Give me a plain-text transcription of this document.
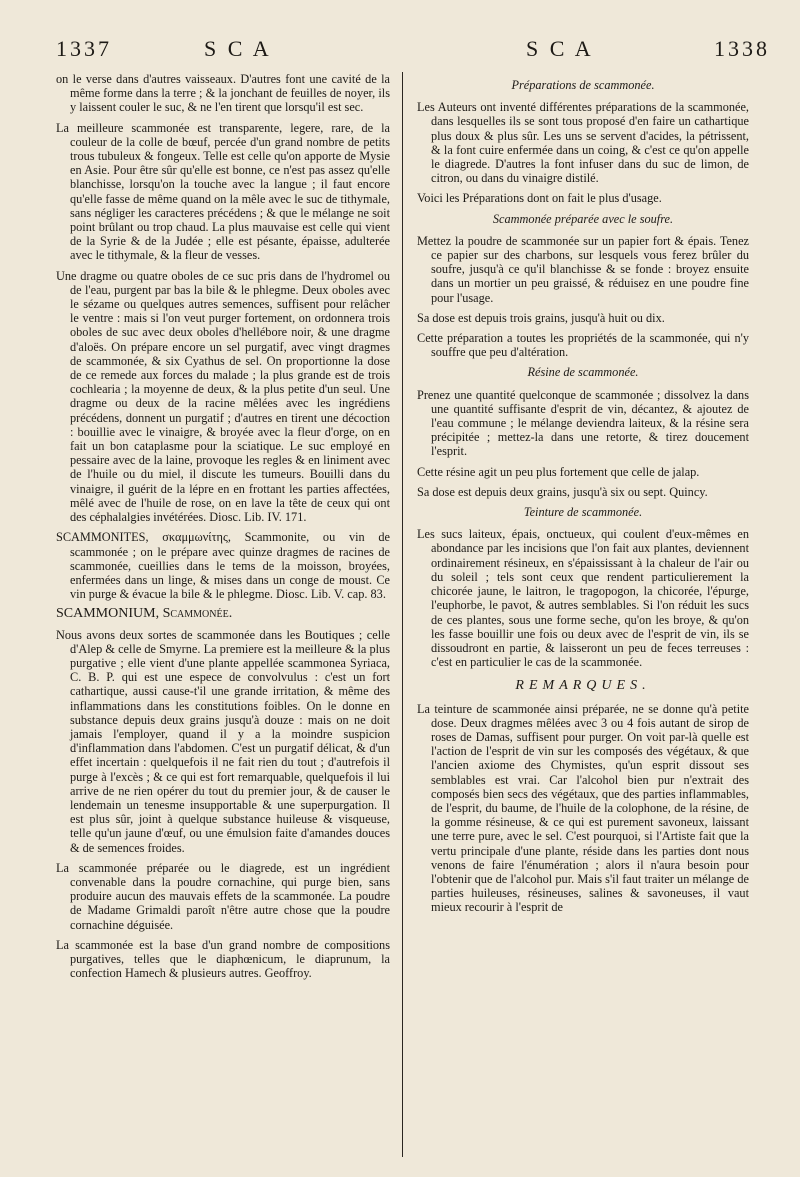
1337	S C A	S C A	1338

on le verse dans d'autres vaisseaux. D'autres font une cavité de la même forme dans la terre ; & la jonchant de feuilles de noyer, ils y laissent couler le suc, & ne l'en tirent que lorsqu'il est sec.

La meilleure scammonée est transparente, legere, rare, de la couleur de la colle de bœuf, percée d'un grand nombre de petits trous tubuleux & fongeux. Telle est celle qu'on apporte de Mysie en Asie. Pour être sûr qu'elle est bonne, ce n'est pas assez qu'elle blanchisse, lorsqu'on la touche avec la langue ; il faut encore qu'elle fasse de même quand on la mêle avec le suc de tithymale, sans négliger les caracteres précédens ; & que le mélange ne soit point brûlant ou trop chaud. La plus mauvaise est celle qui vient de la Syrie & de la Judée ; elle est pésante, épaisse, adulterée avec le tithymale, & la fleur de vesses.

Une dragme ou quatre oboles de ce suc pris dans de l'hydromel ou de l'eau, purgent par bas la bile & le phlegme. Deux oboles avec le sézame ou quelques autres semences, suffisent pour relâcher le ventre : mais si l'on veut purger fortement, on ordonnera trois oboles de suc avec deux oboles d'hellébore noir, & une dragme d'aloës. On prépare encore un sel purgatif, avec vingt dragmes de scammonée, & six Cyathus de sel. On proportionne la dose de ce remede aux forces du malade ; la plus grande est de trois cochlearia ; la moyenne de deux, & la plus petite d'un seul. Une dragme ou deux de la racine mêlées avec les ingrédiens précédens, donnent un purgatif ; d'autres en tirent une décoction : bouillie avec le vinaigre, & broyée avec la fleur d'orge, on en fait un bon cataplasme pour la sciatique. Le suc employé en pessaire avec de la laine, provoque les regles & en liniment avec de l'huile ou du miel, il discute les tumeurs. Bouilli dans du vinaigre, il guérit de la lépre en en frottant les parties affectées, mêlé avec de l'huile de rose, on en lave la tête de ceux qui ont des céphalalgies invétérées. Diosc. Lib. IV. 171.

SCAMMONITES, σκαμμωνίτης, Scammonite, ou vin de scammonée ; on le prépare avec quinze dragmes de racines de scammonée, cueillies dans le tems de la moisson, broyées, enfermées dans un linge, & mises dans un conge de moust. Ce vin purge & évacue la bile & le phlegme. Diosc. Lib. V. cap. 83.

SCAMMONIUM, Scammonée.

Nous avons deux sortes de scammonée dans les Boutiques ; celle d'Alep & celle de Smyrne. La premiere est la meilleure & la plus purgative ; elle vient d'une plante appellée scammonea Syriaca, C. B. P. qui est une espece de convolvulus : c'est un fort cathartique, aussi cause-t'il une grande irritation, & même des inflammations dans les constitutions foibles. On le donne en substance depuis deux grains jusqu'à douze : mais on ne doit jamais l'employer, quand il y a la moindre suspicion d'inflammation dans l'abdomen. C'est un purgatif délicat, & d'un effet incertain : quelquefois il ne fait rien du tout ; d'autrefois il purge à l'excès ; & ce qui est fort remarquable, quelquefois il lui arrive de ne rien opérer du tout du premier jour, & de causer le lendemain un tenesme insupportable & une superpurgation. Il est plus sûr, joint à quelque substance huileuse & visqueuse, telle qu'un jaune d'œuf, ou une émulsion faite d'amandes douces & de semences froides.

La scammonée préparée ou le diagrede, est un ingrédient convenable dans la poudre cornachine, qui purge bien, sans produire aucun des mauvais effets de la scammonée. La poudre de Madame Grimaldi paroît n'être autre chose que la poudre cornachine déguisée.

La scammonée est la base d'un grand nombre de compositions purgatives, telles que le diaphœnicum, le diaprunum, la confection Hamech & plusieurs autres. Geoffroy.

Préparations de scammonée.

Les Auteurs ont inventé différentes préparations de la scammonée, dans lesquelles ils se sont tous proposé d'en faire un cathartique plus doux & plus sûr. Les uns se servent d'acides, la pétrissent, & la font cuire enfermée dans un coing, & c'est ce qu'on appelle le diagrede. D'autres la font infuser dans du suc de limon, de citron, ou dans du vinaigre distilé.

Voici les Préparations dont on fait le plus d'usage.

Scammonée préparée avec le soufre.

Mettez la poudre de scammonée sur un papier fort & épais. Tenez ce papier sur des charbons, sur lesquels vous ferez brûler du soufre, jusqu'à ce qu'il blanchisse & se fonde : broyez ensuite dans un mortier un peu graissé, & réduisez en une poudre fine pour l'usage.

Sa dose est depuis trois grains, jusqu'à huit ou dix.

Cette préparation a toutes les propriétés de la scammonée, qui n'y souffre que peu d'altération.

Résine de scammonée.

Prenez une quantité quelconque de scammonée ; dissolvez la dans une quantité suffisante d'esprit de vin, décantez, & ajoutez de l'eau commune ; le mélange deviendra laiteux, & la résine sera précipitée ; mettez-la dans une retorte, & tirez doucement l'esprit.

Cette résine agit un peu plus fortement que celle de jalap.

Sa dose est depuis deux grains, jusqu'à six ou sept. Quincy.

Teinture de scammonée.

Les sucs laiteux, épais, onctueux, qui coulent d'eux-mêmes en abondance par les incisions que l'on fait aux plantes, deviennent ordinairement résineux, en s'épaississant à la chaleur de l'air ou du soleil ; tels sont ceux que rendent particulierement la chicorée jaune, le laitron, le tragopogon, la chicorée, l'épurge, l'euphorbe, le pavot, & autres semblables. Si l'on réduit les sucs de ces plantes, sous une forme seche, qu'on les broye, & qu'on les fasse bouillir une fois ou deux avec de l'esprit de vin, ils se dissoudront en partie, & laisseront un peu de feces terreuses : c'est en particulier le cas de la scammonée.

REMARQUES.

La teinture de scammonée ainsi préparée, ne se donne qu'à petite dose. Deux dragmes mêlées avec 3 ou 4 fois autant de sirop de roses de Damas, suffisent pour purger. On voit par-là quelle est l'action de l'esprit de vin sur les composés des végétaux, & que l'ancien axiome des Chymistes, qu'un esprit dissout ses semblables est vrai. Car l'alcohol bien pur n'extrait des composés bien secs des végétaux, que des parties inflammables, de l'esprit, du baume, de l'huile de la colophone, de la résine, de la gomme résineuse, & ce qui est purement savoneux, laissant une terre pure, avec le sel. C'est pourquoi, si l'Artiste fait que la vertu principale d'une plante, réside dans les parties dont nous venons de faire l'énumération ; alors il n'aura besoin pour l'obtenir que de l'alcohol pur. Mais s'il faut traiter un mélange de parties huileuses, résineuses, salines & savoneuses, il vaut mieux recourir à l'esprit de
